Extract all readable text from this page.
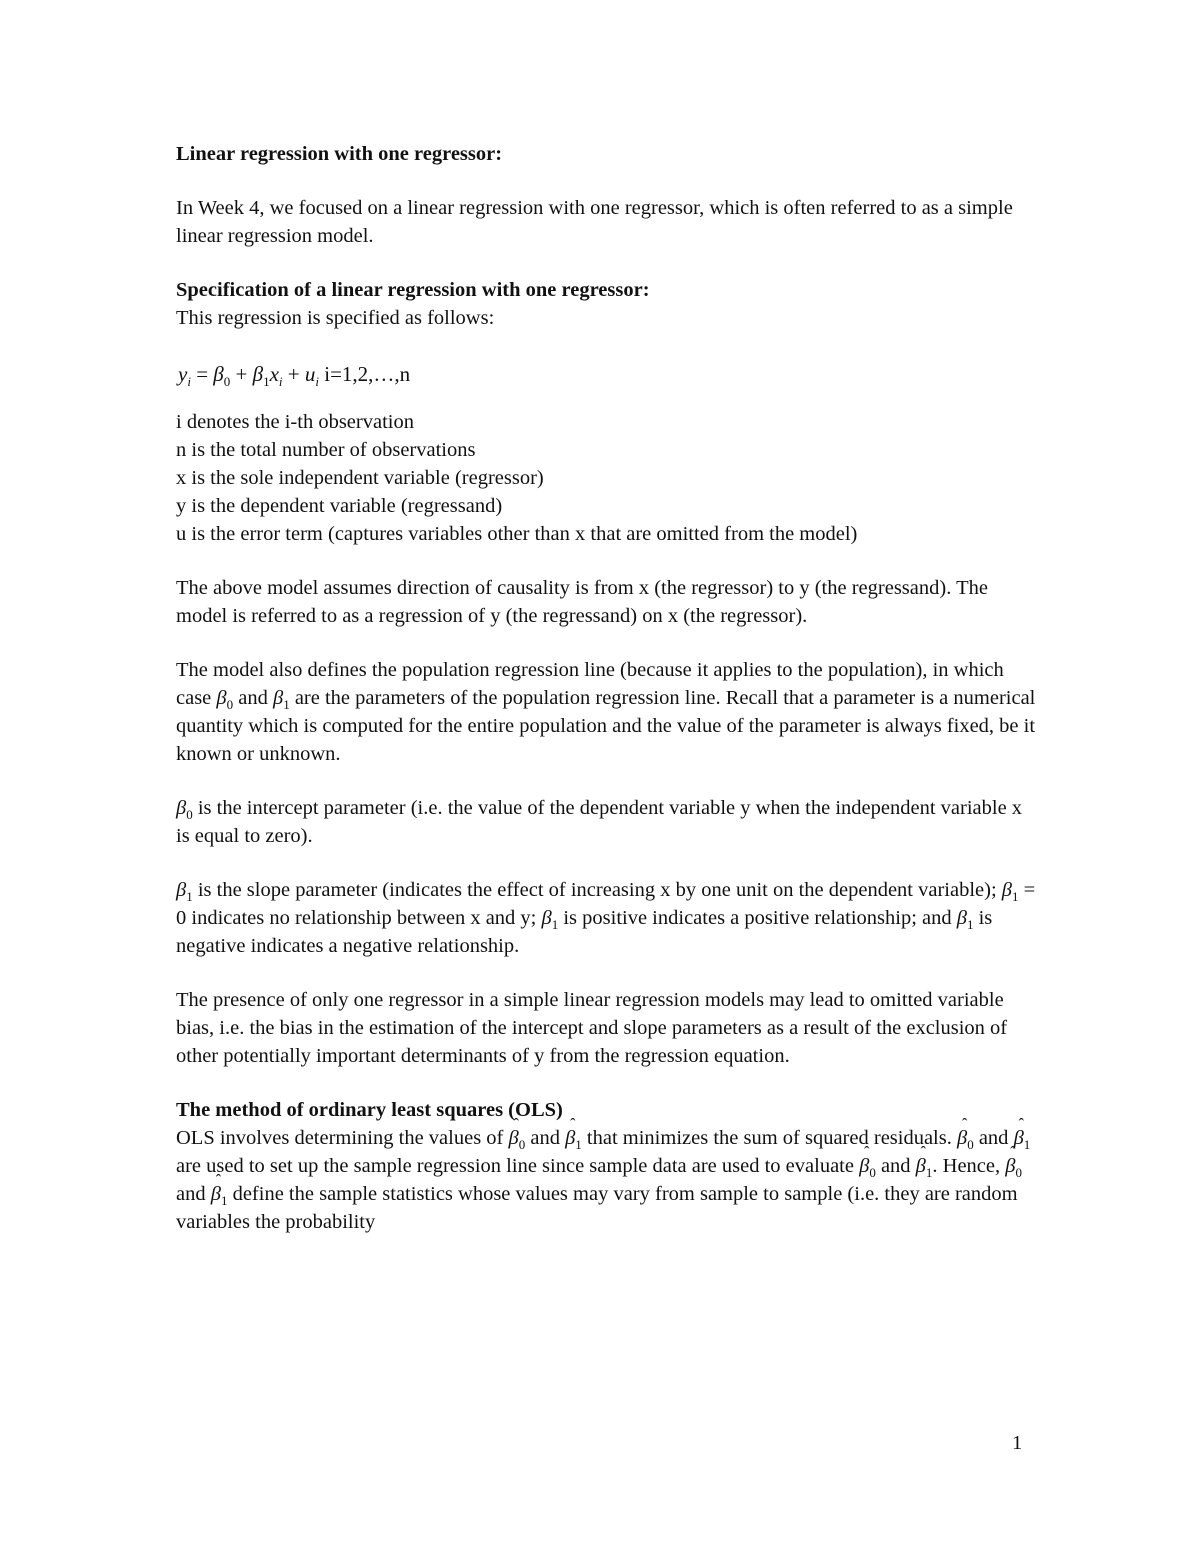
Linear regression with one regressor:

In Week 4, we focused on a linear regression with one regressor, which is often referred to as a simple linear regression model.

Specification of a linear regression with one regressor:

This regression is specified as follows:

$y_i = \beta_0 + \beta_1x_i + u_i$ i=1,2,…,n

i denotes the i-th observation

n is the total number of observations

x is the sole independent variable (regressor)

y is the dependent variable (regressand)

u is the error term (captures variables other than x that are omitted from the model)

The above model assumes direction of causality is from x (the regressor) to y (the regressand). The model is referred to as a regression of y (the regressand) on x (the regressor).

The model also defines the population regression line (because it applies to the population), in which case $\beta_0$ and $\beta_1$ are the parameters of the population regression line. Recall that a parameter is a numerical quantity which is computed for the entire population and the value of the parameter is always fixed, be it known or unknown.

$\beta_0$ is the intercept parameter (i.e. the value of the dependent variable y when the independent variable x is equal to zero).

$\beta_1$ is the slope parameter (indicates the effect of increasing x by one unit on the dependent variable); $\beta_1 = 0$ indicates no relationship between x and y; $\beta_1$ is positive indicates a positive relationship; and $\beta_1$ is negative indicates a negative relationship.

The presence of only one regressor in a simple linear regression models may lead to omitted variable bias, i.e. the bias in the estimation of the intercept and slope parameters as a result of the exclusion of other potentially important determinants of y from the regression equation.

The method of ordinary least squares (OLS)

OLS involves determining the values of ˆ $\beta_0$ and ˆ $\beta_1$ that minimizes the sum of squared residuals. ˆ $\beta_0$ and ˆ $\beta_1$ are used to set up the sample regression line since sample data are used to evaluate ˆ $\beta_0$ and ˆ $\beta_1$. Hence, ˆ $\beta_0$ and ˆ $\beta_1$ define the sample statistics whose values may vary from sample to sample (i.e. they are random variables the probability

1
